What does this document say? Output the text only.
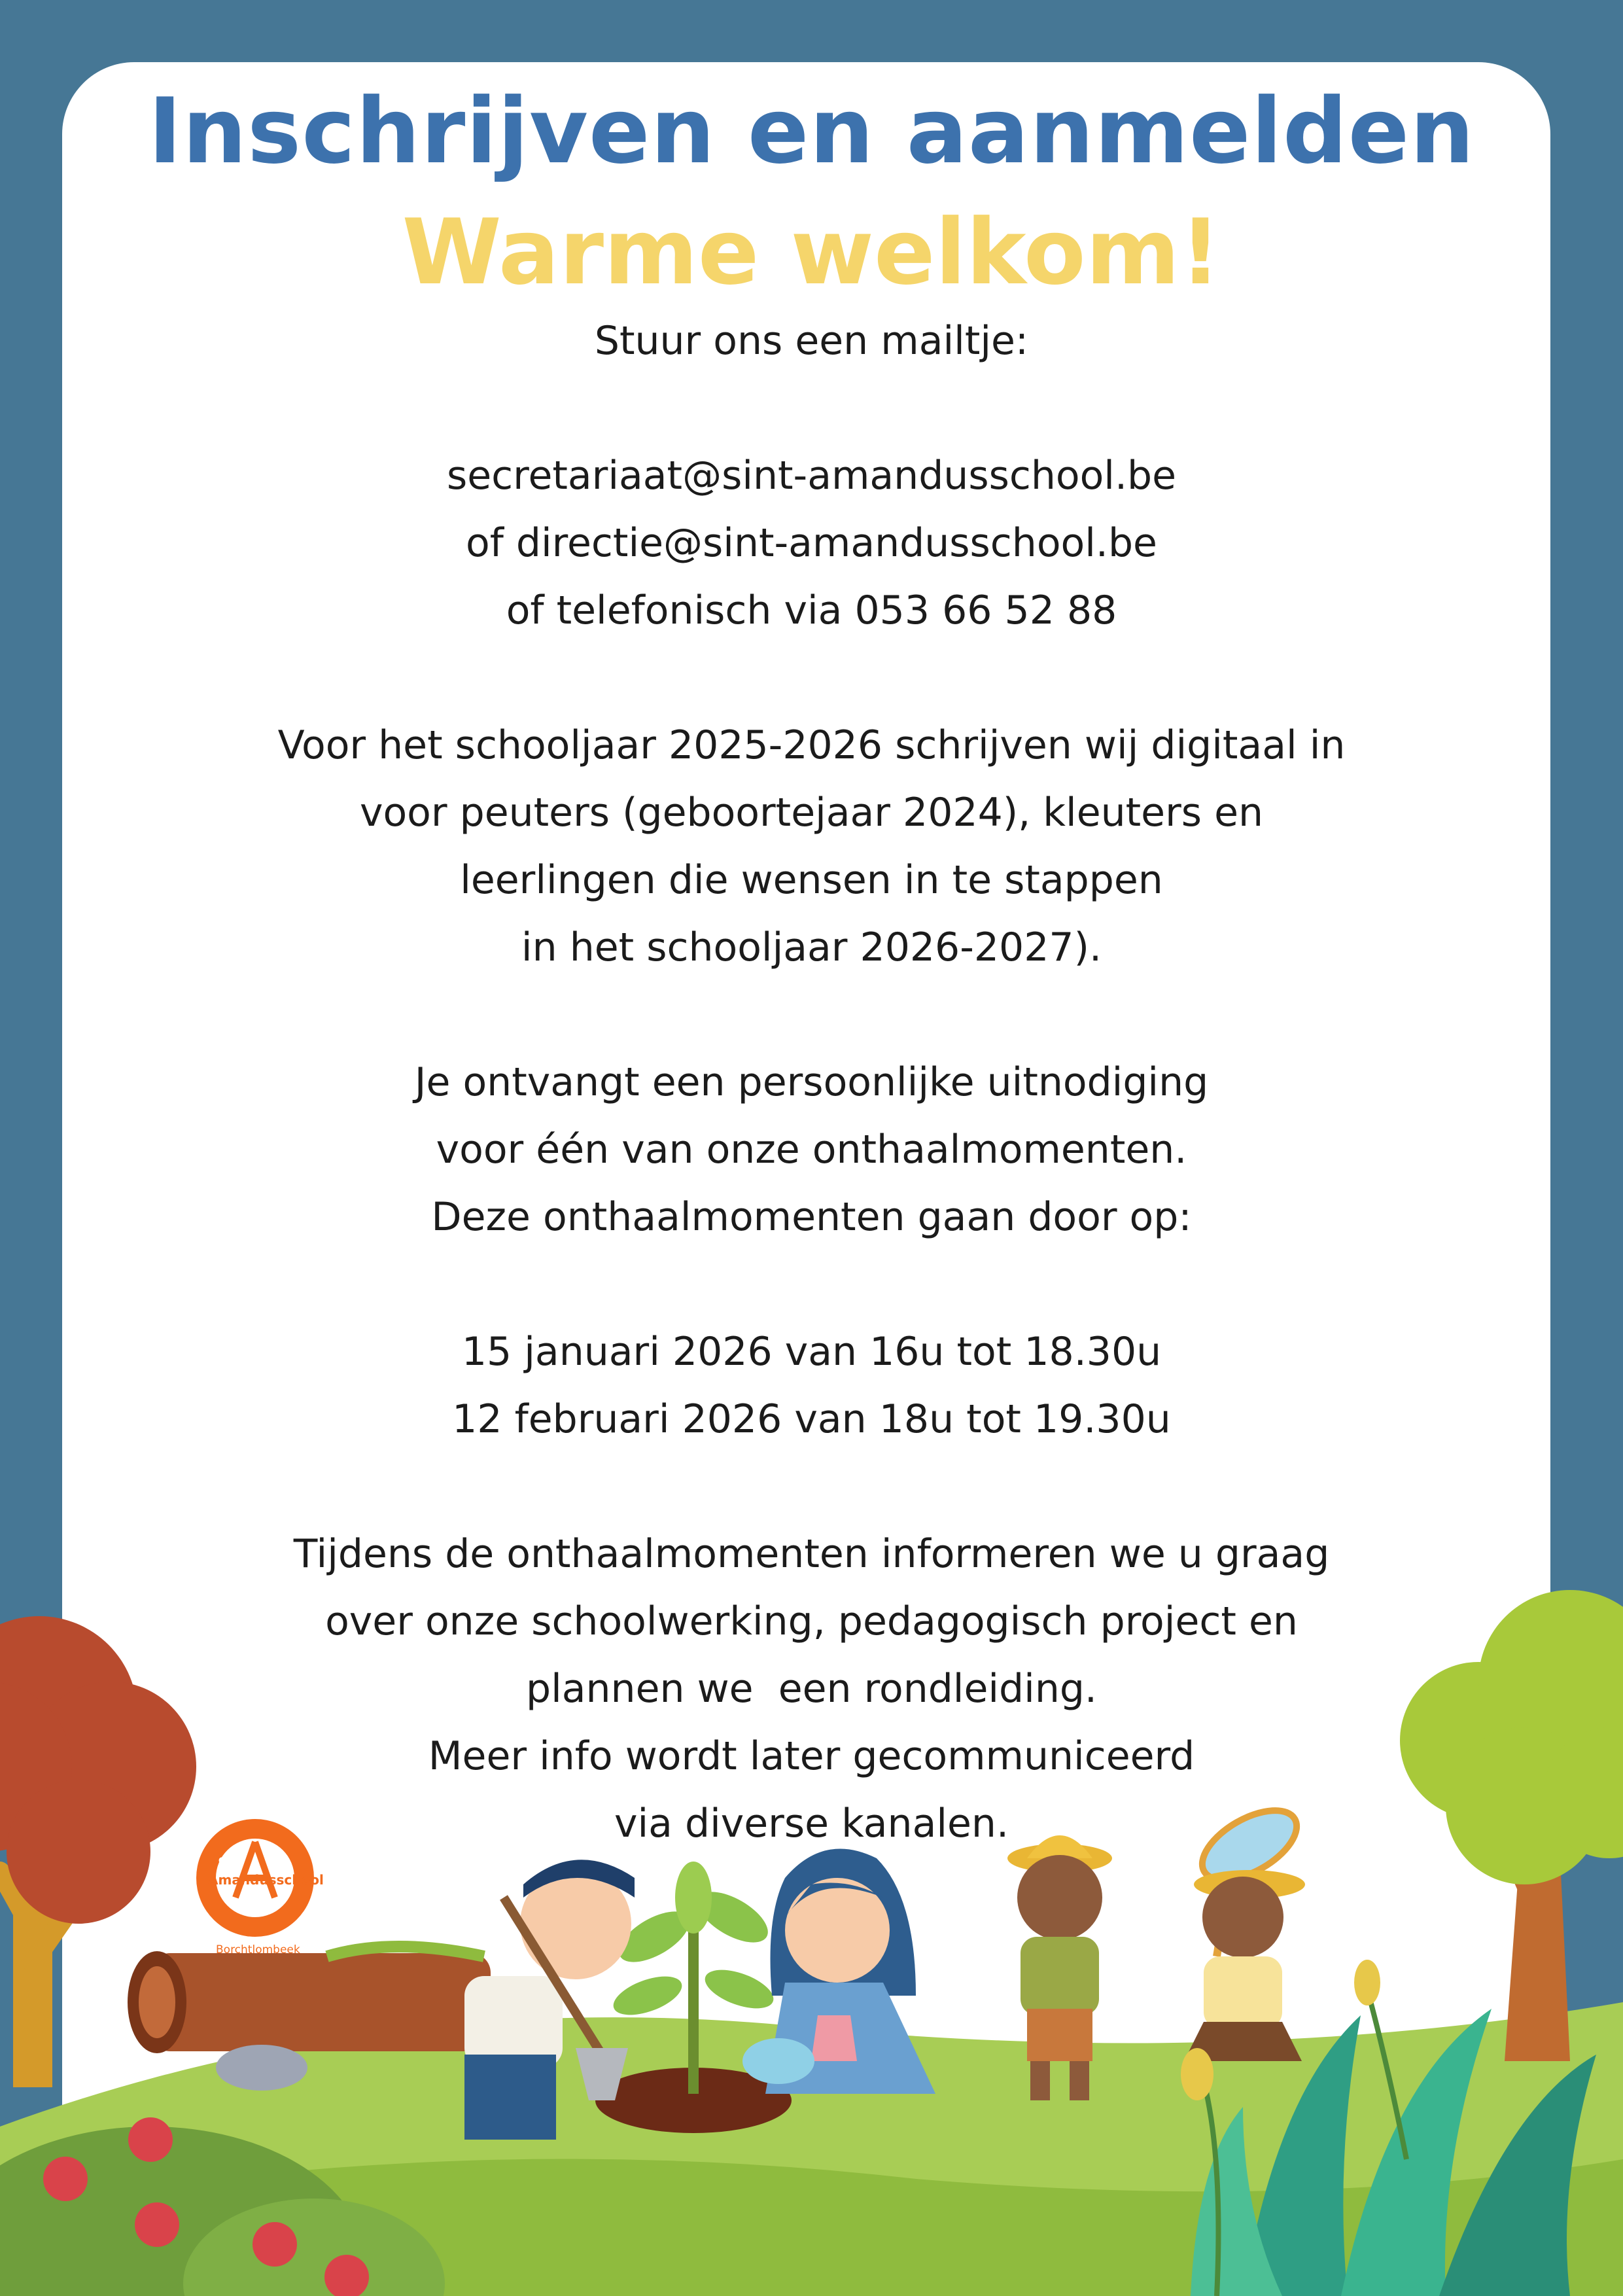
Inschrijven en aanmelden
Warme welkom!
Stuur ons een mailtje:
secretariaat@sint-amandusschool.be
of directie@sint-amandusschool.be
of telefonisch via 053 66 52 88
Voor het schooljaar 2025-2026 schrijven wij digitaal in
voor peuters (geboortejaar 2024), kleuters en
leerlingen die wensen in te stappen
in het schooljaar 2026-2027).
Je ontvangt een persoonlijke uitnodiging
voor één van onze onthaalmomenten.
Deze onthaalmomenten gaan door op:
15 januari 2026 van 16u tot 18.30u
12 februari 2026 van 18u tot 19.30u
Tijdens de onthaalmomenten informeren we u graag
over onze schoolwerking, pedagogisch project en
plannen we  een rondleiding.
Meer info wordt later gecommuniceerd
via diverse kanalen.
St.
Amandusschool
Borchtlombeek
